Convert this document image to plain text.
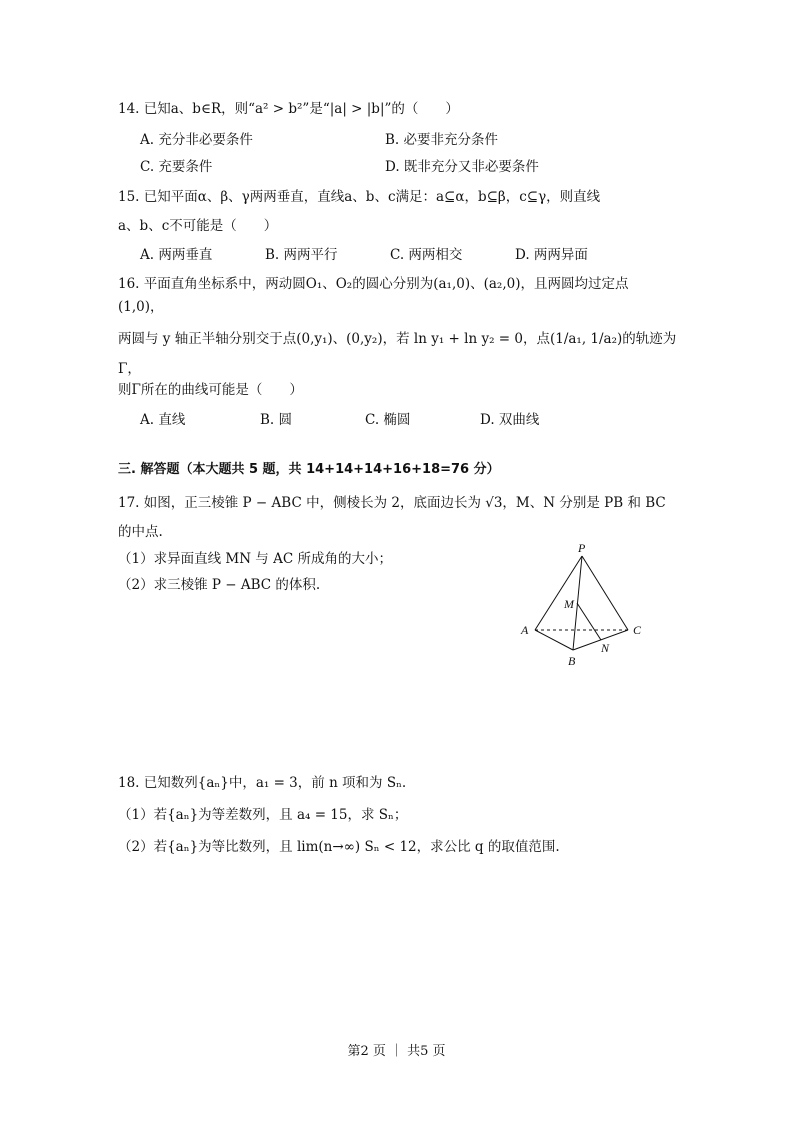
14. 已知a、b∈R，则“a² > b²”是“|a| > |b|”的（　　）
A. 充分非必要条件	B. 必要非充分条件
C. 充要条件	D. 既非充分又非必要条件
15. 已知平面α、β、γ两两垂直，直线a、b、c满足：a⊆α，b⊆β，c⊆γ，则直线
a、b、c不可能是（　　）
A. 两两垂直	B. 两两平行	C. 两两相交	D. 两两异面
16. 平面直角坐标系中，两动圆O₁、O₂的圆心分别为(a₁,0)、(a₂,0)，且两圆均过定点
(1,0)，
两圆与 y 轴正半轴分别交于点(0,y₁)、(0,y₂)，若 ln y₁ + ln y₂ = 0，点(1/a₁, 1/a₂)的轨迹为
Γ，
则Γ所在的曲线可能是（　　）
A. 直线	B. 圆	C. 椭圆	D. 双曲线
三. 解答题（本大题共 5 题，共 14+14+14+16+18=76 分）
17. 如图，正三棱锥 P − ABC 中，侧棱长为 2，底面边长为 √3，M、N 分别是 PB 和 BC
的中点.
（1）求异面直线 MN 与 AC 所成角的大小；
（2）求三棱锥 P − ABC 的体积.
P
M
A	C
B
N
18. 已知数列{aₙ}中，a₁ = 3，前 n 项和为 Sₙ.
（1）若{aₙ}为等差数列，且 a₄ = 15，求 Sₙ；
（2）若{aₙ}为等比数列，且 lim(n→∞) Sₙ < 12，求公比 q 的取值范围.
第2 页 ｜ 共5 页
